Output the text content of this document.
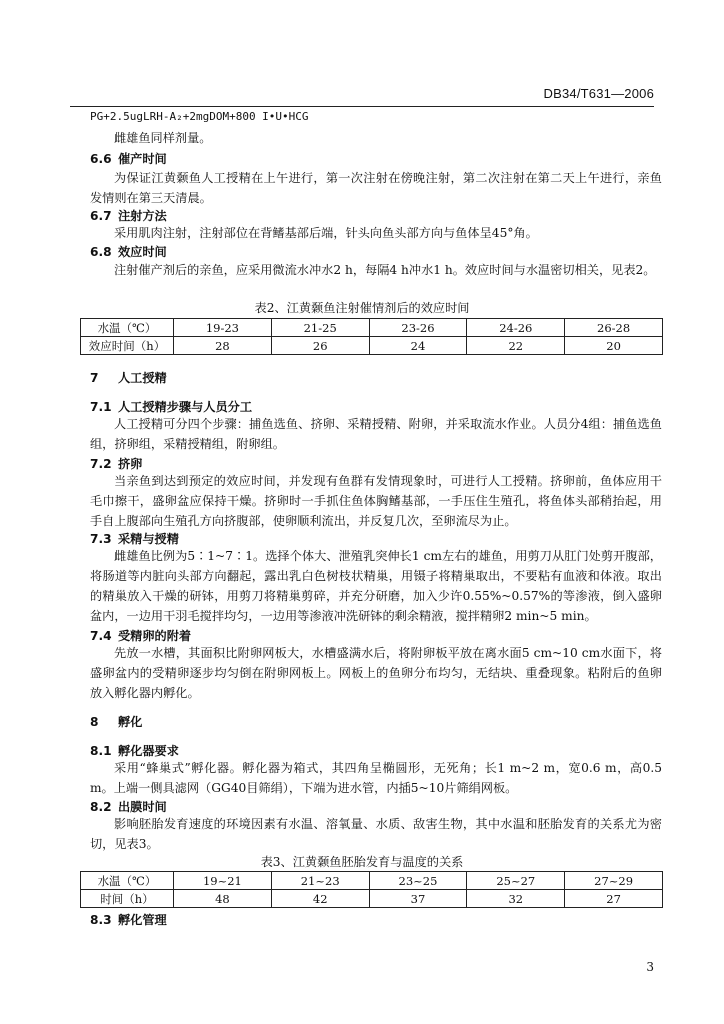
DB34/T631—2006
PG+2.5ugLRH-A₂+2mgDOM+800 I•U•HCG

雌雄鱼同样剂量。

6.6 催产时间

为保证江黄颡鱼人工授精在上午进行，第一次注射在傍晚注射，第二次注射在第二天上午进行，亲鱼发情则在第三天清晨。

6.7 注射方法

采用肌肉注射，注射部位在背鳍基部后端，针头向鱼头部方向与鱼体呈45°角。

6.8 效应时间

注射催产剂后的亲鱼，应采用微流水冲水2 h，每隔4 h冲水1 h。效应时间与水温密切相关，见表2。

表2、江黄颡鱼注射催情剂后的效应时间
水温（℃）	19-23	21-25	23-26	24-26	26-28
效应时间（h）	28	26	24	22	20
7 人工授精
7.1 人工授精步骤与人员分工

人工授精可分四个步骤：捕鱼选鱼、挤卵、采精授精、附卵，并采取流水作业。人员分4组：捕鱼选鱼组，挤卵组，采精授精组，附卵组。

7.2 挤卵

当亲鱼到达到预定的效应时间，并发现有鱼群有发情现象时，可进行人工授精。挤卵前，鱼体应用干毛巾擦干，盛卵盆应保持干燥。挤卵时一手抓住鱼体胸鳍基部，一手压住生殖孔，将鱼体头部稍抬起，用手自上腹部向生殖孔方向挤腹部，使卵顺利流出，并反复几次，至卵流尽为止。

7.3 采精与授精

雌雄鱼比例为5∶1~7∶1。选择个体大、泄殖乳突伸长1 cm左右的雄鱼，用剪刀从肛门处剪开腹部，将肠道等内脏向头部方向翻起，露出乳白色树枝状精巢，用镊子将精巢取出，不要粘有血液和体液。取出的精巢放入干燥的研钵，用剪刀将精巢剪碎，并充分研磨，加入少许0.55%~0.57%的等渗液，倒入盛卵盆内，一边用干羽毛搅拌均匀，一边用等渗液冲洗研钵的剩余精液，搅拌精卵2 min~5 min。

7.4 受精卵的附着

先放一水槽，其面积比附卵网板大，水槽盛满水后，将附卵板平放在离水面5 cm~10 cm水面下，将盛卵盆内的受精卵逐步均匀倒在附卵网板上。网板上的鱼卵分布均匀，无结块、重叠现象。粘附后的鱼卵放入孵化器内孵化。

8 孵化
8.1 孵化器要求

采用“蜂巢式”孵化器。孵化器为箱式，其四角呈椭圆形，无死角；长1 m~2 m，宽0.6 m，高0.5 m。上端一侧具滤网（GG40目筛绢），下端为进水管，内插5~10片筛绢网板。

8.2 出膜时间

影响胚胎发育速度的环境因素有水温、溶氧量、水质、敌害生物，其中水温和胚胎发育的关系尤为密切，见表3。

表3、江黄颡鱼胚胎发育与温度的关系
水温（℃）	19~21	21~23	23~25	25~27	27~29
时间（h）	48	42	37	32	27
8.3 孵化管理
3
